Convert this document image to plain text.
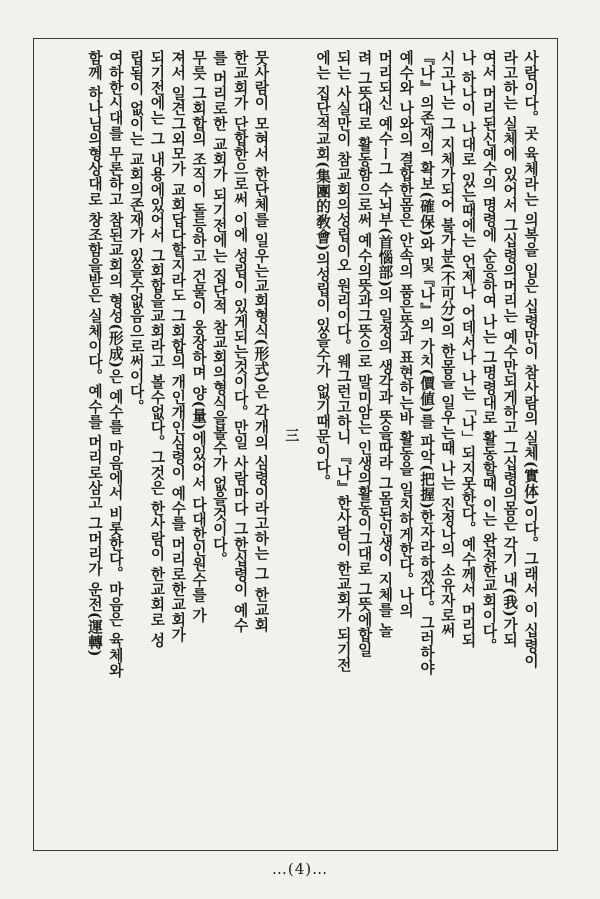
사람이다。곳 육체라는 의복을 입은 십령만이 참사람의 실체(實体)이다。그래서 이 십령이
라고하는 실체에 있어서 그십령의머리는 예수만되게하고 그십령의몸은 각기 내(我)가되
여서 머리된신예수의 명령에 순응하여 나는 그명령대로 활동할때 이는 완전한교회이다。
나 하나이 나대로 있는때에는 언제나 어데서나 나는「나」되지못한다。예수께서 머리되
시고나는 그 지체가되어 불가분(不可分)의 한몸을 일우는때 나는 진정나의 소유자로써
『나』의존재의 확보(確保)와 및『나』의 가치(價値)를 파악(把握)한자라하겠다。그러하야
예수와 나와의 결합한몸은 안속의 품은뜻과 표현하는바 활동을 일치하게한다。나의
머리되신 예수ー그 수뇌부(首惱部)의 일정의 생각과 뜻을따라 그몸된인생이 지체를 놀
려 그뜻대로 활동함으로써 예수의뜻과그뜻으로 말미암는 인생의활동이그대로 그뜻에합일
되는 사실만이 참교회의성립이오 원리이다。웨그런고하니 『나』한사람이 한교회가 되기전
에는 집단적교회(集團的敎會)의성립이 있을수가 없기때문이다。
三
뭇사람이 모혀서 한단체를 일우는교회형식(形式)은 각개의 심령이라고하는 그 한교회
한교회가 단합한으로써 이에 성립이 있게되는것이다。만일 사람마다 그한십령이 예수
를 머리로한 교회가 되기전에는 집단적 참교회의형식을볼수가 없을것이다。
무릇 그회합의 조직이 돌등하고 건물이 웅장하며 양(量)에있어서 다대한인원수를 가
져서 일견그외모가 교회답다할지라도 그회합의 개인개인심령이 예수를 머리로한교회가
되기전에는 그 내용에있어서 그회합을교회라고 볼수없다。그것은 한사람이 한교회로 성
립됨이 없이는 교회의존재가 있을수없음으로써이다。
여하한시대를 무론하고 참된교회의 형성(形成)은 예수를 마음에서 비롯한다。마음은 육체와
함께 하나님의형상대로 창조함을받은 실체이다。예수를 머리로삼고 그머리가 운전(運轉)
…(4)…
